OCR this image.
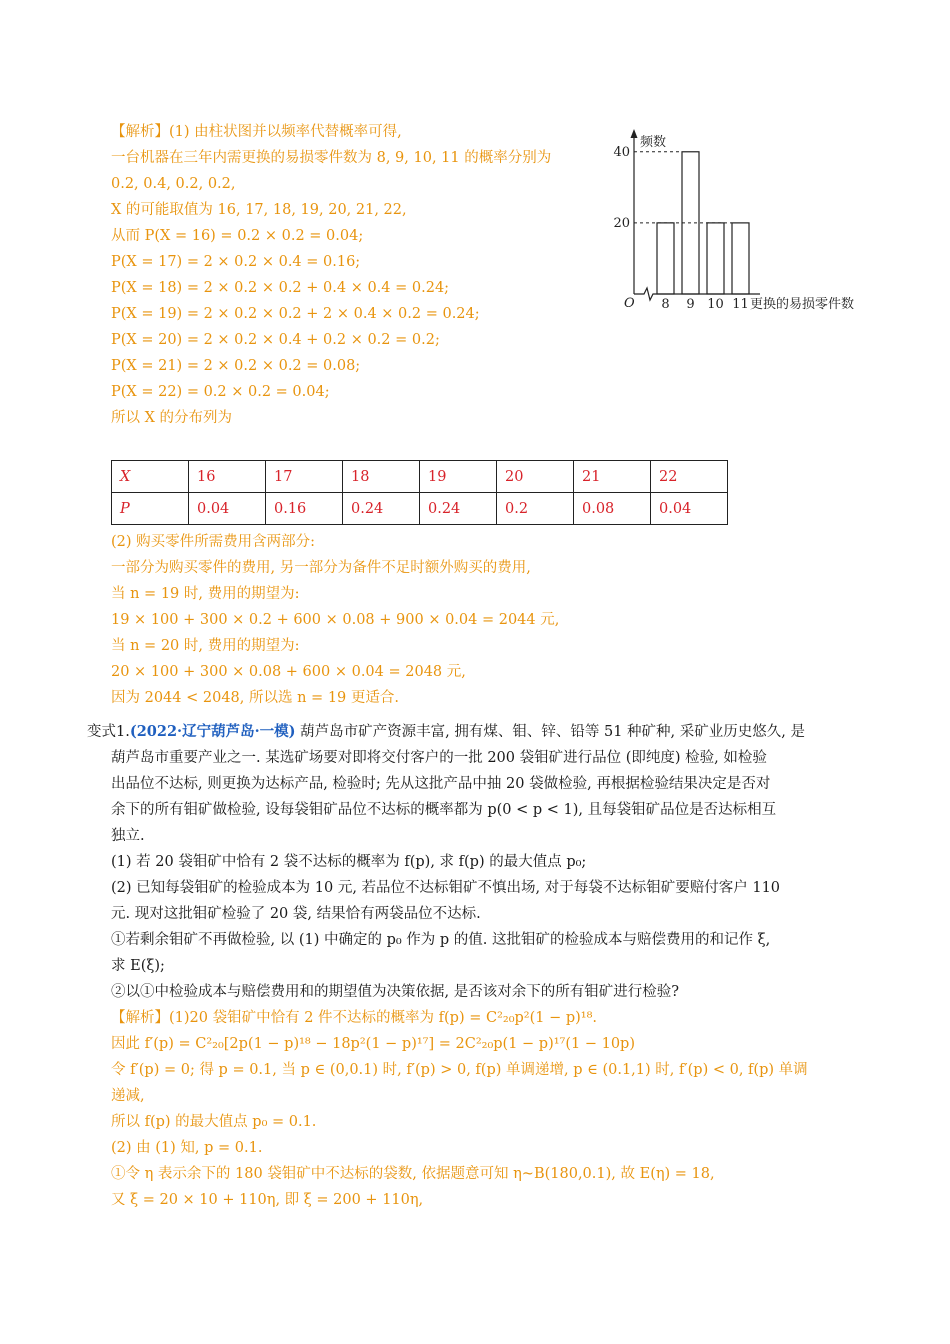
【解析】(1) 由柱状图并以频率代替概率可得,
一台机器在三年内需更换的易损零件数为 8, 9, 10, 11 的概率分别为
0.2, 0.4, 0.2, 0.2,
X 的可能取值为 16, 17, 18, 19, 20, 21, 22,
从而 P(X = 16) = 0.2 × 0.2 = 0.04;
P(X = 17) = 2 × 0.2 × 0.4 = 0.16;
P(X = 18) = 2 × 0.2 × 0.2 + 0.4 × 0.4 = 0.24;
P(X = 19) = 2 × 0.2 × 0.2 + 2 × 0.4 × 0.2 = 0.24;
P(X = 20) = 2 × 0.2 × 0.4 + 0.2 × 0.2 = 0.2;
P(X = 21) = 2 × 0.2 × 0.2 = 0.08;
P(X = 22) = 0.2 × 0.2 = 0.04;
所以 X 的分布列为
频数
更换的易损零件数
O 8 9 10 11
20
40
X	16	17	18	19	20	21	22
P	0.04	0.16	0.24	0.24	0.2	0.08	0.04
(2) 购买零件所需费用含两部分:
一部分为购买零件的费用, 另一部分为备件不足时额外购买的费用,
当 n = 19 时, 费用的期望为:
19 × 100 + 300 × 0.2 + 600 × 0.08 + 900 × 0.04 = 2044 元,
当 n = 20 时, 费用的期望为:
20 × 100 + 300 × 0.08 + 600 × 0.04 = 2048 元,
因为 2044 < 2048, 所以选 n = 19 更适合.
变式1.(2022·辽宁葫芦岛·一模) 葫芦岛市矿产资源丰富, 拥有煤、钼、锌、铅等 51 种矿种, 采矿业历史悠久, 是
葫芦岛市重要产业之一. 某选矿场要对即将交付客户的一批 200 袋钼矿进行品位 (即纯度) 检验, 如检验
出品位不达标, 则更换为达标产品, 检验时; 先从这批产品中抽 20 袋做检验, 再根据检验结果决定是否对
余下的所有钼矿做检验, 设每袋钼矿品位不达标的概率都为 p(0 < p < 1), 且每袋钼矿品位是否达标相互
独立.
(1) 若 20 袋钼矿中恰有 2 袋不达标的概率为 f(p), 求 f(p) 的最大值点 p₀;
(2) 已知每袋钼矿的检验成本为 10 元, 若品位不达标钼矿不慎出场, 对于每袋不达标钼矿要赔付客户 110
元. 现对这批钼矿检验了 20 袋, 结果恰有两袋品位不达标.
①若剩余钼矿不再做检验, 以 (1) 中确定的 p₀ 作为 p 的值. 这批钼矿的检验成本与赔偿费用的和记作 ξ,
求 E(ξ);
②以①中检验成本与赔偿费用和的期望值为决策依据, 是否该对余下的所有钼矿进行检验?
【解析】(1)20 袋钼矿中恰有 2 件不达标的概率为 f(p) = C²₂₀p²(1 − p)¹⁸.
因此 f′(p) = C²₂₀[2p(1 − p)¹⁸ − 18p²(1 − p)¹⁷] = 2C²₂₀p(1 − p)¹⁷(1 − 10p)
令 f′(p) = 0; 得 p = 0.1, 当 p ∈ (0,0.1) 时, f′(p) > 0, f(p) 单调递增, p ∈ (0.1,1) 时, f′(p) < 0, f(p) 单调
递减,
所以 f(p) 的最大值点 p₀ = 0.1.
(2) 由 (1) 知, p = 0.1.
①令 η 表示余下的 180 袋钼矿中不达标的袋数, 依据题意可知 η~B(180,0.1), 故 E(η) = 18,
又 ξ = 20 × 10 + 110η, 即 ξ = 200 + 110η,
